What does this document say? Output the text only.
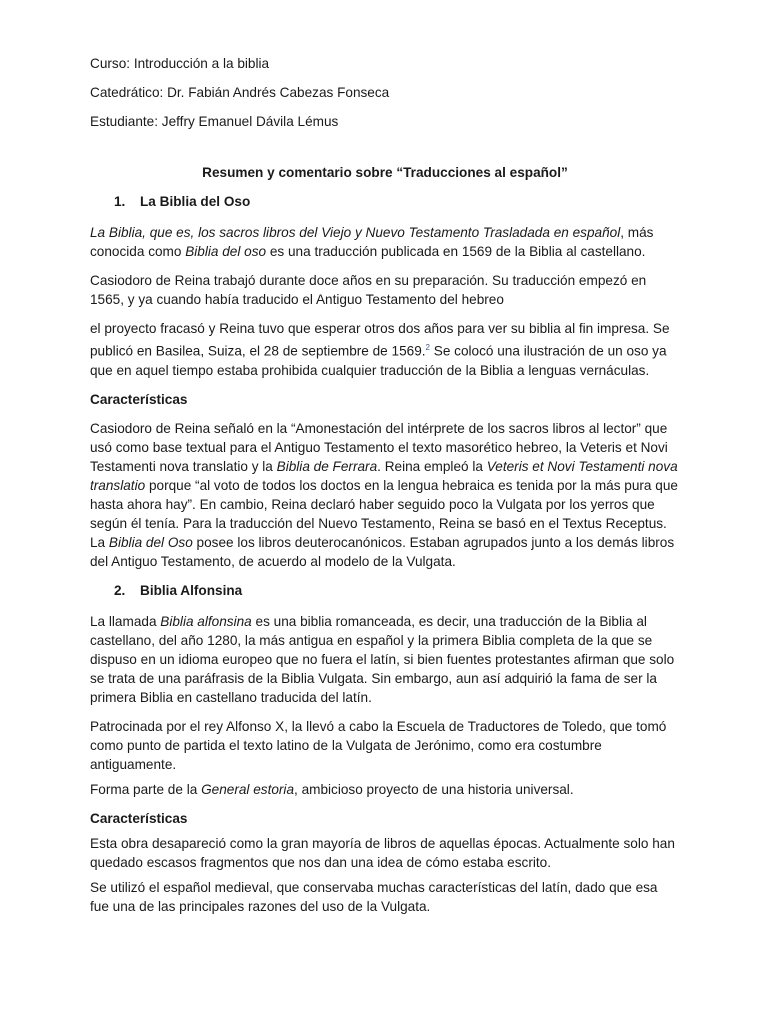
Curso: Introducción a la biblia

Catedrático: Dr. Fabián Andrés Cabezas Fonseca

Estudiante: Jeffry Emanuel Dávila Lémus

Resumen y comentario sobre “Traducciones al español”

1. La Biblia del Oso

La Biblia, que es, los sacros libros del Viejo y Nuevo Testamento Trasladada en español, más conocida como Biblia del oso es una traducción publicada en 1569 de la Biblia al castellano.

Casiodoro de Reina trabajó durante doce años en su preparación. Su traducción empezó en 1565, y ya cuando había traducido el Antiguo Testamento del hebreo

el proyecto fracasó y Reina tuvo que esperar otros dos años para ver su biblia al fin impresa. Se publicó en Basilea, Suiza, el 28 de septiembre de 1569.$^2$ Se colocó una ilustración de un oso ya que en aquel tiempo estaba prohibida cualquier traducción de la Biblia a lenguas vernáculas.

Características

Casiodoro de Reina señaló en la “Amonestación del intérprete de los sacros libros al lector” que usó como base textual para el Antiguo Testamento el texto masorético hebreo, la Veteris et Novi Testamenti nova translatio y la Biblia de Ferrara. Reina empleó la Veteris et Novi Testamenti nova translatio porque “al voto de todos los doctos en la lengua hebraica es tenida por la más pura que hasta ahora hay”. En cambio, Reina declaró haber seguido poco la Vulgata por los yerros que según él tenía. Para la traducción del Nuevo Testamento, Reina se basó en el Textus Receptus. La Biblia del Oso posee los libros deuterocanónicos. Estaban agrupados junto a los demás libros del Antiguo Testamento, de acuerdo al modelo de la Vulgata.

2. Biblia Alfonsina

La llamada Biblia alfonsina es una biblia romanceada, es decir, una traducción de la Biblia al castellano, del año 1280, la más antigua en español y la primera Biblia completa de la que se dispuso en un idioma europeo que no fuera el latín, si bien fuentes protestantes afirman que solo se trata de una paráfrasis de la Biblia Vulgata. Sin embargo, aun así adquirió la fama de ser la primera Biblia en castellano traducida del latín.

Patrocinada por el rey Alfonso X, la llevó a cabo la Escuela de Traductores de Toledo, que tomó como punto de partida el texto latino de la Vulgata de Jerónimo, como era costumbre antiguamente.

Forma parte de la General estoria, ambicioso proyecto de una historia universal.

Características

Esta obra desapareció como la gran mayoría de libros de aquellas épocas. Actualmente solo han quedado escasos fragmentos que nos dan una idea de cómo estaba escrito.

Se utilizó el español medieval, que conservaba muchas características del latín, dado que esa fue una de las principales razones del uso de la Vulgata.
